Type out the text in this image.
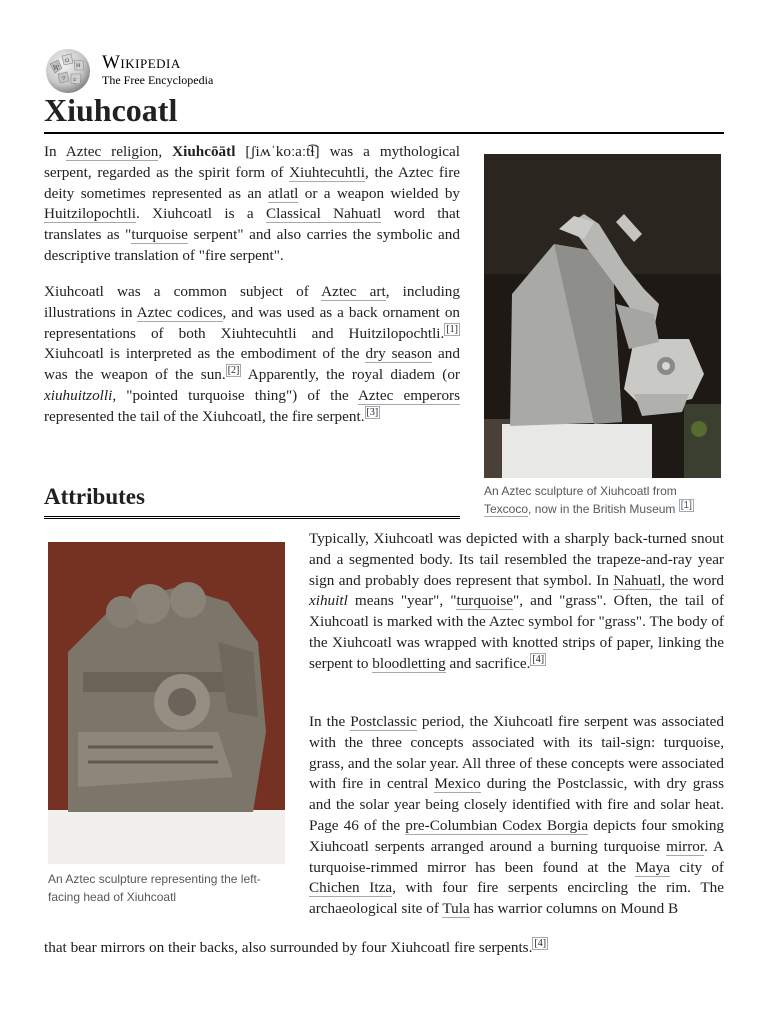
W
Ω
И
ウ ש
Wikipedia
The Free Encyclopedia
Xiuhcoatl

In Aztec religion, Xiuhcōātl [ʃiʍˈkoːaːt͡ɬ] was a mythological serpent, regarded as the spirit form of Xiuhtecuhtli, the Aztec fire deity sometimes represented as an atlatl or a weapon wielded by Huitzilopochtli. Xiuhcoatl is a Classical Nahuatl word that translates as "turquoise serpent" and also carries the symbolic and descriptive translation of "fire serpent".

Xiuhcoatl was a common subject of Aztec art, including illustrations in Aztec codices, and was used as a back ornament on representations of both Xiuhtecuhtli and Huitzilopochtli. [1] Xiuhcoatl is interpreted as the embodiment of the dry season and was the weapon of the sun. [2] Apparently, the royal diadem (or xiuhuitzolli, "pointed turquoise thing") of the Aztec emperors represented the tail of the Xiuhcoatl, the fire serpent. [3]

An Aztec sculpture of Xiuhcoatl from Texcoco, now in the British Museum [1]
Attributes
An Aztec sculpture representing the left-facing head of Xiuhcoatl

Typically, Xiuhcoatl was depicted with a sharply back-turned snout and a segmented body. Its tail resembled the trapeze-and-ray year sign and probably does represent that symbol. In Nahuatl, the word xihuitl means "year", "turquoise", and "grass". Often, the tail of Xiuhcoatl is marked with the Aztec symbol for "grass". The body of the Xiuhcoatl was wrapped with knotted strips of paper, linking the serpent to bloodletting and sacrifice. [4]

In the Postclassic period, the Xiuhcoatl fire serpent was associated with the three concepts associated with its tail-sign: turquoise, grass, and the solar year. All three of these concepts were associated with fire in central Mexico during the Postclassic, with dry grass and the solar year being closely identified with fire and solar heat. Page 46 of the pre-Columbian Codex Borgia depicts four smoking Xiuhcoatl serpents arranged around a burning turquoise mirror. A turquoise-rimmed mirror has been found at the Maya city of Chichen Itza, with four fire serpents encircling the rim. The archaeological site of Tula has warrior columns on Mound B

that bear mirrors on their backs, also surrounded by four Xiuhcoatl fire serpents. [4]
